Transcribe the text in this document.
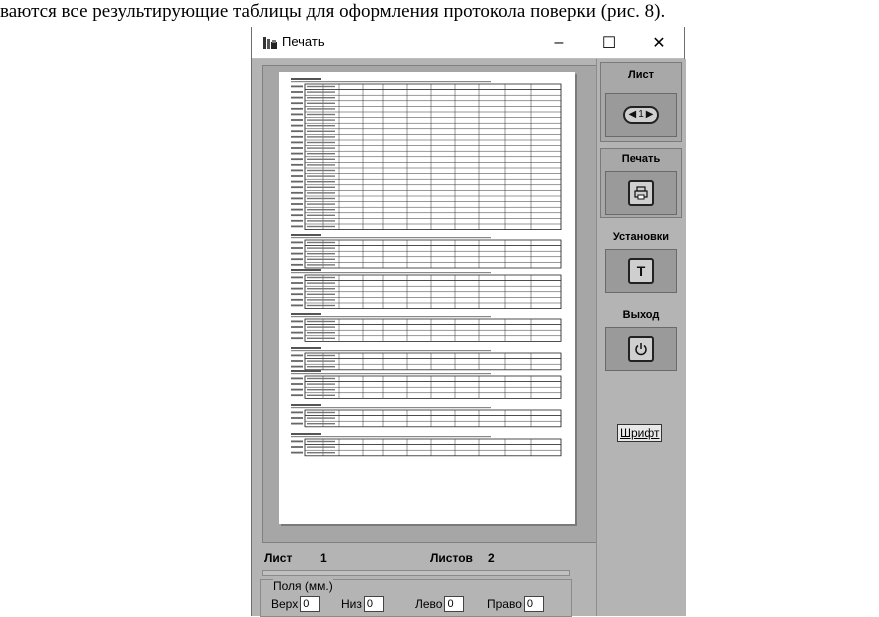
ваются все результирующие таблицы для оформления протокола поверки (рис. 8).
Печать	– ☐ ✕
Лист 1	Листов 2
Поля (мм.)
Верх 0	Низ 0	Лево 0	Право 0
Лист
◀ 1 ▶
Печать
Установки
T
Выход
Шрифт
